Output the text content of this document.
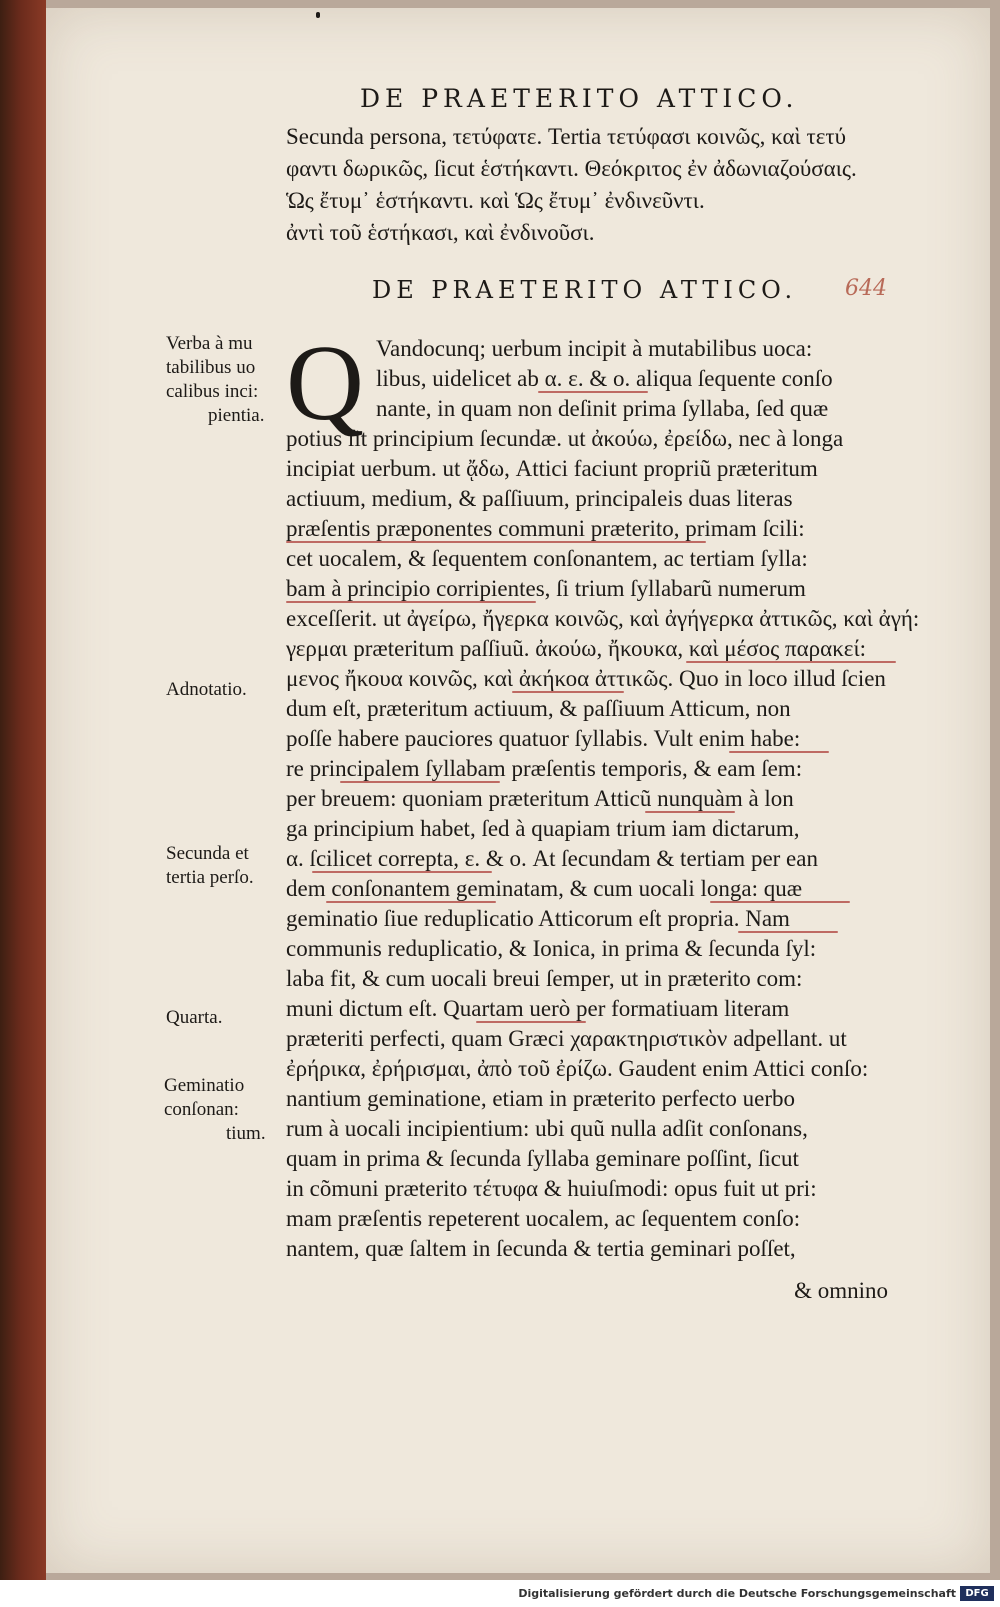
DE PRAETERITO ATTICO.
Secunda persona, τετύφατε. Tertia τετύφασι κοινῶς, καὶ τετύ
φαντι δωρικῶς, ſicut ἑστήκαντι. Θεόκριτος ἐν ἀδωνιαζούσαις.
Ὡς ἔτυμ᾽ ἑστήκαντι. καὶ Ὡς ἔτυμ᾽ ἐνδινεῦντι.
ἀντὶ τοῦ ἑστήκασι, καὶ ἐνδινοῦσι.
DE PRAETERITO ATTICO. 644
Q Vandocunq; uerbum incipit à mutabilibus uoca:
libus, uidelicet ab α. ε. & ο. aliqua ſequente conſo
nante, in quam non deſinit prima ſyllaba, ſed quæ
potius ſit principium ſecundæ. ut ἀκούω, ἐρείδω, nec à longa
incipiat uerbum. ut ᾄδω, Attici faciunt propriũ præteritum
actiuum, medium, & paſſiuum, principaleis duas literas
præſentis præponentes communi præterito, primam ſcili:
cet uocalem, & ſequentem conſonantem, ac tertiam ſylla:
bam à principio corripientes, ſi trium ſyllabarũ numerum
exceſſerit. ut ἀγείρω, ἤγερκα κοινῶς, καὶ ἀγήγερκα ἀττικῶς, καὶ ἀγή:
γερμαι præteritum paſſiuũ. ἀκούω, ἤκουκα, καὶ μέσος παρακεί:
μενος ἤκουα κοινῶς, καὶ ἀκήκοα ἀττικῶς. Quo in loco illud ſcien
dum eſt, præteritum actiuum, & paſſiuum Atticum, non
poſſe habere pauciores quatuor ſyllabis. Vult enim habe:
re principalem ſyllabam præſentis temporis, & eam ſem:
per breuem: quoniam præteritum Atticũ nunquàm à lon
ga principium habet, ſed à quapiam trium iam dictarum,
α. ſcilicet correpta, ε. & ο. At ſecundam & tertiam per ean
dem conſonantem geminatam, & cum uocali longa: quæ
geminatio ſiue reduplicatio Atticorum eſt propria. Nam
communis reduplicatio, & Ionica, in prima & ſecunda ſyl:
laba fit, & cum uocali breui ſemper, ut in præterito com:
muni dictum eſt. Quartam uerò per formatiuam literam
præteriti perfecti, quam Græci χαρακτηριστικὸν adpellant. ut
ἐρήρικα, ἐρήρισμαι, ἀπὸ τοῦ ἐρίζω. Gaudent enim Attici conſo:
nantium geminatione, etiam in præterito perfecto uerbo
rum à uocali incipientium: ubi quũ nulla adſit conſonans,
quam in prima & ſecunda ſyllaba geminare poſſint, ſicut
in cõmuni præterito τέτυφα & huiuſmodi: opus fuit ut pri:
mam præſentis repeterent uocalem, ac ſequentem conſo:
nantem, quæ ſaltem in ſecunda & tertia geminari poſſet,
& omnino
Verba à mu
tabilibus uo
calibus inci:
pientia.
Adnotatio.
Secunda et
tertia perſo.
Quarta.
Geminatio
conſonan:
tium.
Digitalisierung gefördert durch die Deutsche Forschungsgemeinschaft DFG
